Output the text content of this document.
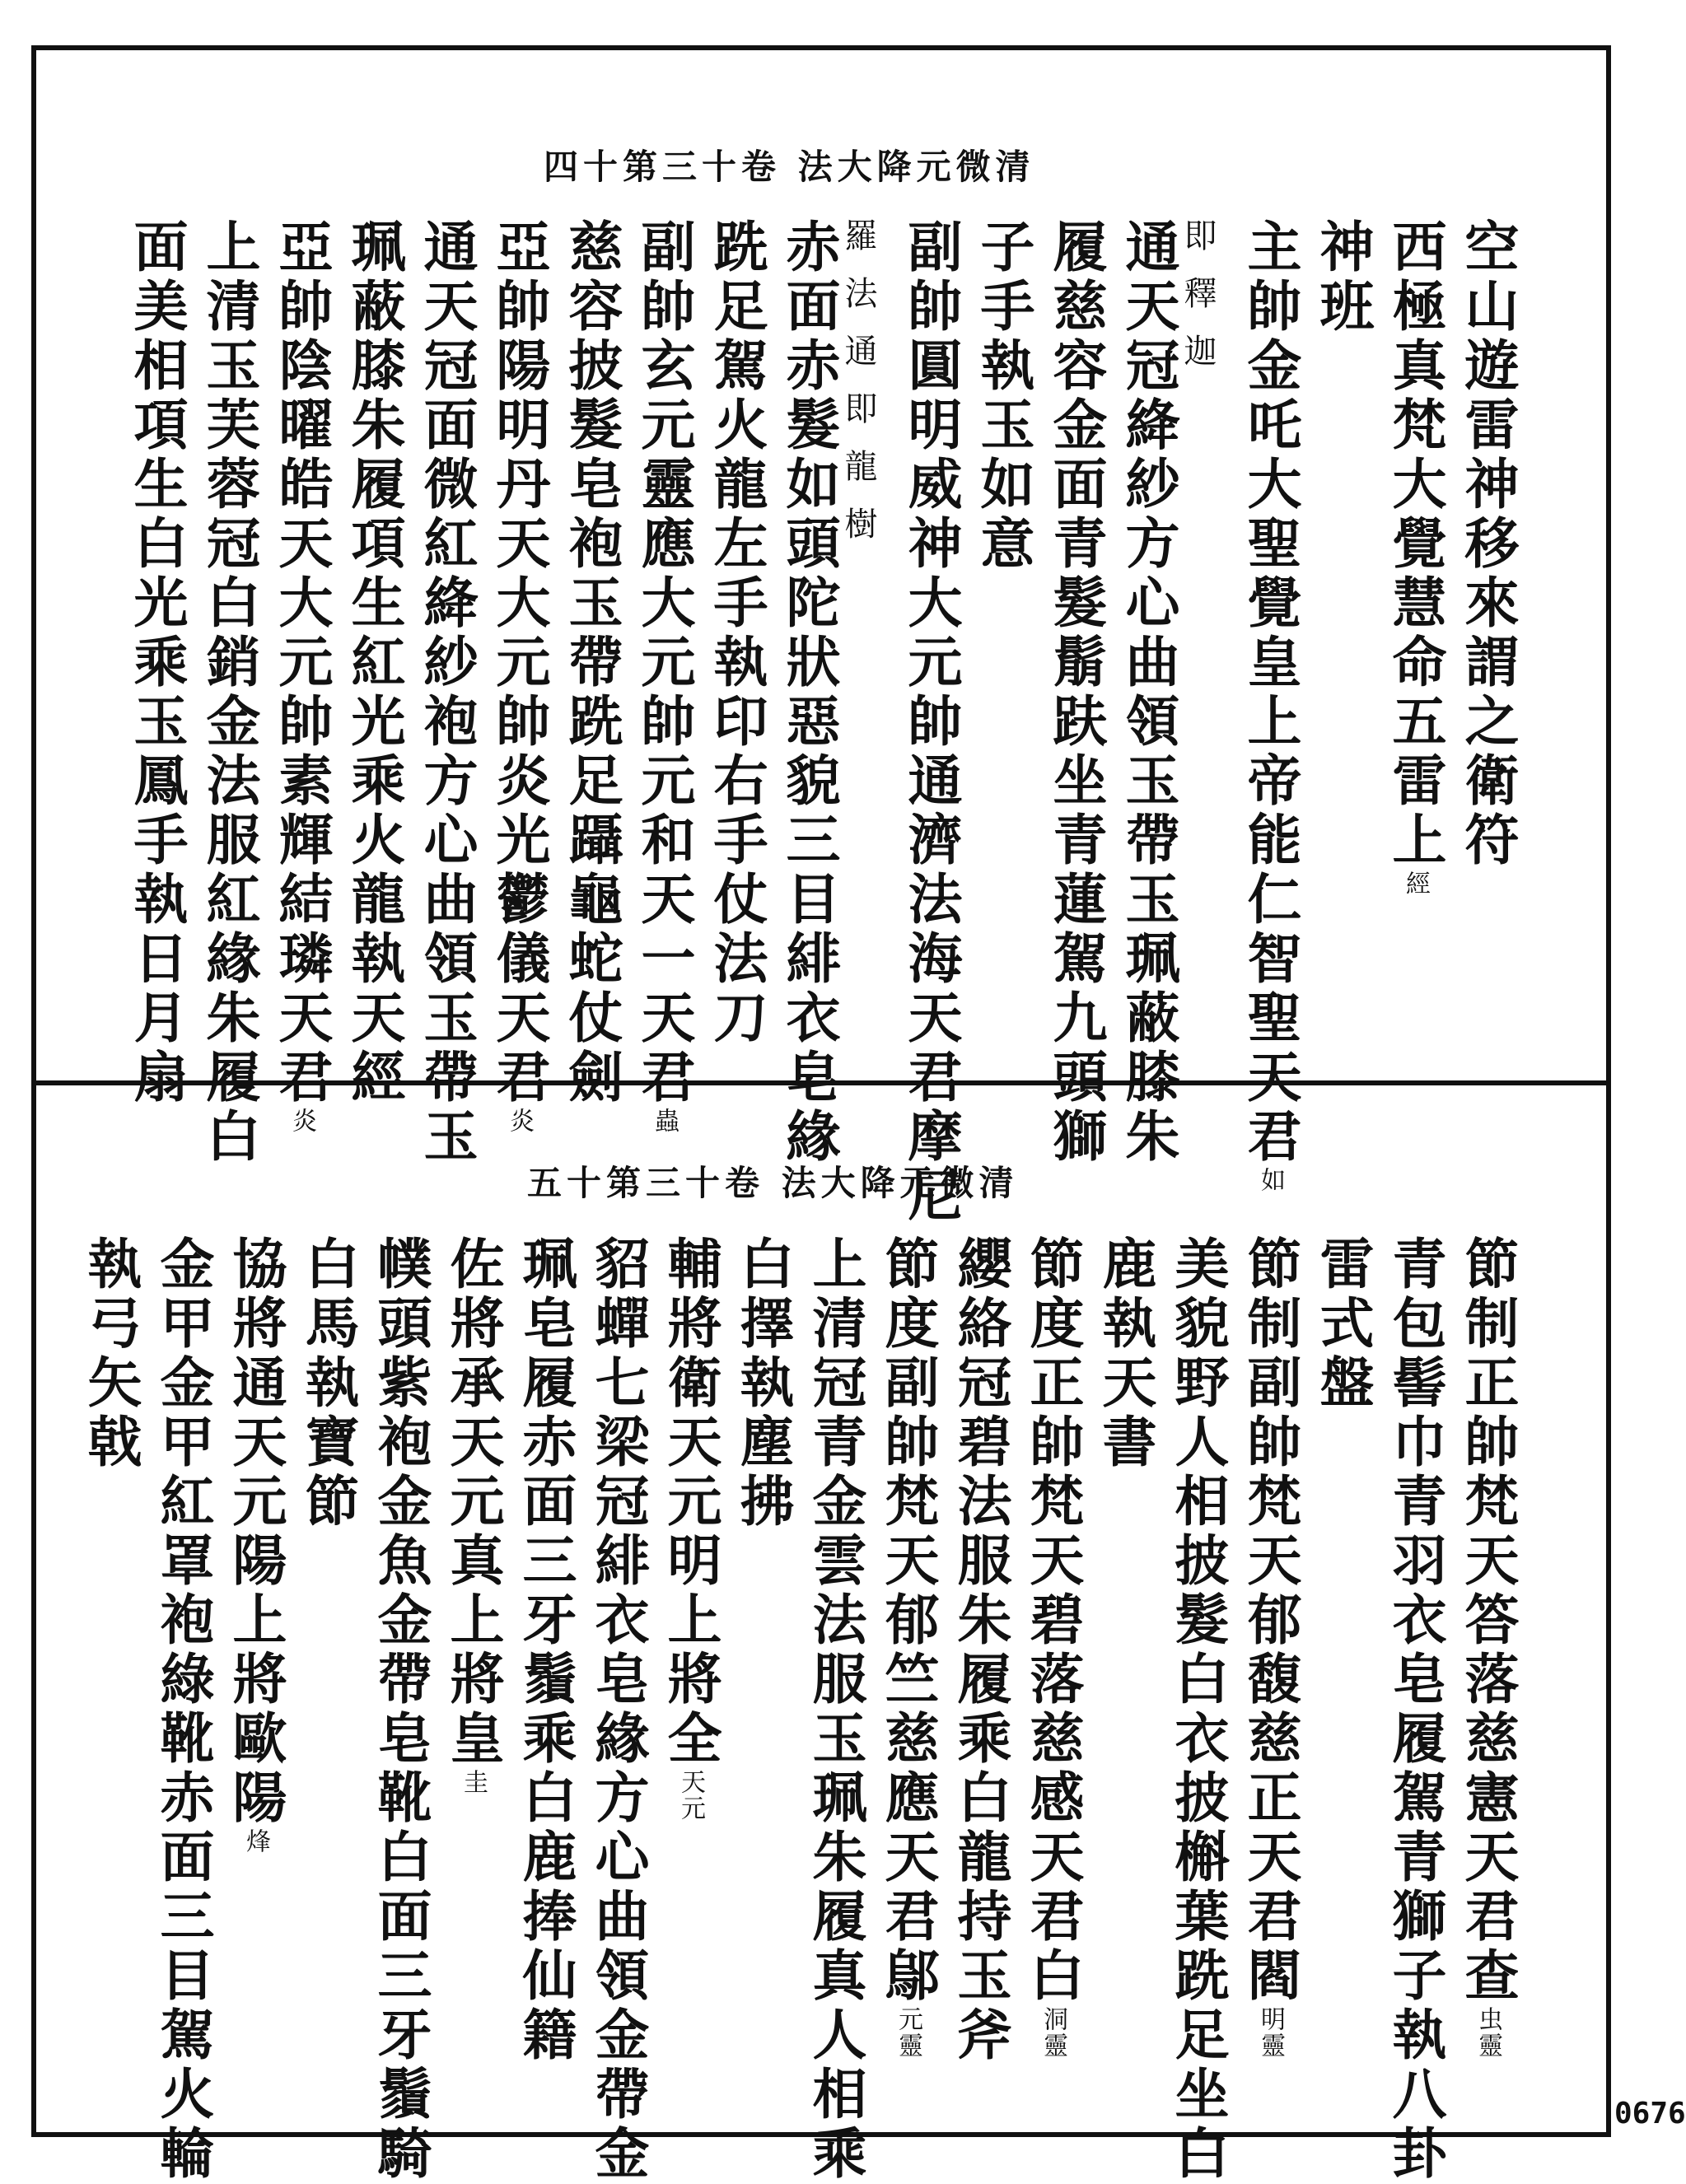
清微元降大法 卷十三第十四
清微元降大法 卷十三第十五
空山遊雷神移來謂之衛符
西極真梵大覺慧命五雷上經
神班
主帥金吒大聖覺皇上帝能仁智聖天君如
即釋迦
通天冠絳紗方心曲領玉帶玉珮蔽膝朱
履慈容金面青髮鬅趺坐青蓮駕九頭獅
子手執玉如意
副帥圓明威神大元帥通濟法海天君摩尼
羅法通即龍樹
赤面赤髮如頭陀狀惡貌三目緋衣皂緣
跣足駕火龍左手執印右手仗法刀
副帥玄元靈應大元帥元和天一天君蟲
慈容披髮皂袍玉帶跣足躡龜蛇仗劍
亞帥陽明丹天大元帥炎光鬱儀天君炎
通天冠面微紅絳紗袍方心曲領玉帶玉
珮蔽膝朱履項生紅光乘火龍執天經
亞帥陰曜皓天大元帥素輝結璘天君炎
上清玉芙蓉冠白銷金法服紅緣朱履白
面美相項生白光乘玉鳳手執日月扇
節制正帥梵天答落慈憲天君查虫靈
青包髻巾青羽衣皂履駕青獅子執八卦
雷式盤
節制副帥梵天郁馥慈正天君閻明靈
美貌野人相披髮白衣披槲葉跣足坐白
鹿執天書
節度正帥梵天碧落慈感天君白洞靈
纓絡冠碧法服朱履乘白龍持玉斧
節度副帥梵天郁竺慈應天君鄔元靈
上清冠青金雲法服玉珮朱履真人相乘
白擇執塵拂
輔將衛天元明上將全天元
貂蟬七梁冠緋衣皂緣方心曲領金帶金
珮皂履赤面三牙鬚乘白鹿捧仙籍
佐將承天元真上將皇圭
幞頭紫袍金魚金帶皂靴白面三牙鬚騎
白馬執寶節
協將通天元陽上將歐陽烽
金甲金甲紅罩袍綠靴赤面三目駕火輪
執弓矢戟
0676
